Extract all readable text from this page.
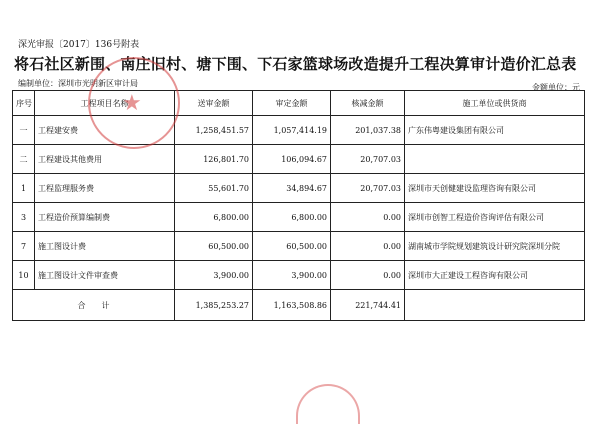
深光审报〔2017〕136号附表
将石社区新围、南庄旧村、塘下围、下石家篮球场改造提升工程决算审计造价汇总表
编制单位：深圳市光明新区审计局	金额单位：元
序号	工程项目名称	送审金额	审定金额	核减金额	施工单位或供货商
一	工程建安费	1,258,451.57	1,057,414.19	201,037.38	广东伟粤建设集团有限公司
二	工程建设其他费用	126,801.70	106,094.67	20,707.03	
1	工程监理服务费	55,601.70	34,894.67	20,707.03	深圳市天创健建设监理咨询有限公司
3	工程造价预算编制费	6,800.00	6,800.00	0.00	深圳市创智工程造价咨询评估有限公司
7	施工图设计费	60,500.00	60,500.00	0.00	湖南城市学院规划建筑设计研究院深圳分院
10	施工图设计文件审查费	3,900.00	3,900.00	0.00	深圳市大正建设工程咨询有限公司
合　　计		1,385,253.27	1,163,508.86	221,744.41	
★
